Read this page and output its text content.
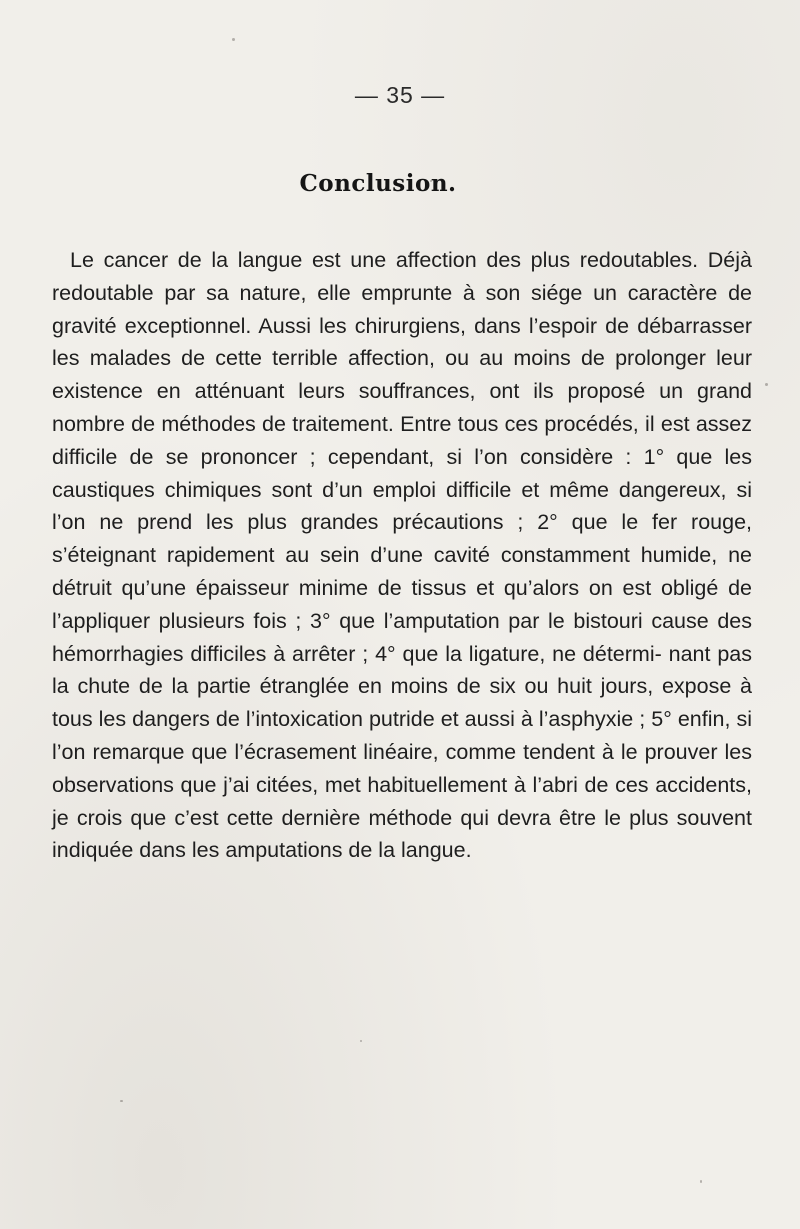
— 35 —
Conclusion.

Le cancer de la langue est une affection des plus redoutables. Déjà redoutable par sa nature, elle emprunte à son siége un caractère de gravité exceptionnel. Aussi les chirurgiens, dans l’espoir de débarrasser les malades de cette terrible affection, ou au moins de prolonger leur existence en atténuant leurs souffrances, ont ils proposé un grand nombre de méthodes de traitement. Entre tous ces procédés, il est assez difficile de se prononcer ; cependant, si l’on considère : 1° que les caustiques chimiques sont d’un emploi difficile et même dangereux, si l’on ne prend les plus grandes précautions ; 2° que le fer rouge, s’éteignant rapidement au sein d’une cavité constamment humide, ne détruit qu’une épaisseur minime de tissus et qu’alors on est obligé de l’appliquer plusieurs fois ; 3° que l’amputation par le bistouri cause des hémorrhagies difficiles à arrêter ; 4° que la ligature, ne détermi- nant pas la chute de la partie étranglée en moins de six ou huit jours, expose à tous les dangers de l’intoxication putride et aussi à l’asphyxie ; 5° enfin, si l’on remarque que l’écrasement linéaire, comme tendent à le prouver les observations que j’ai citées, met habituellement à l’abri de ces accidents, je crois que c’est cette dernière méthode qui devra être le plus souvent indiquée dans les amputations de la langue.
